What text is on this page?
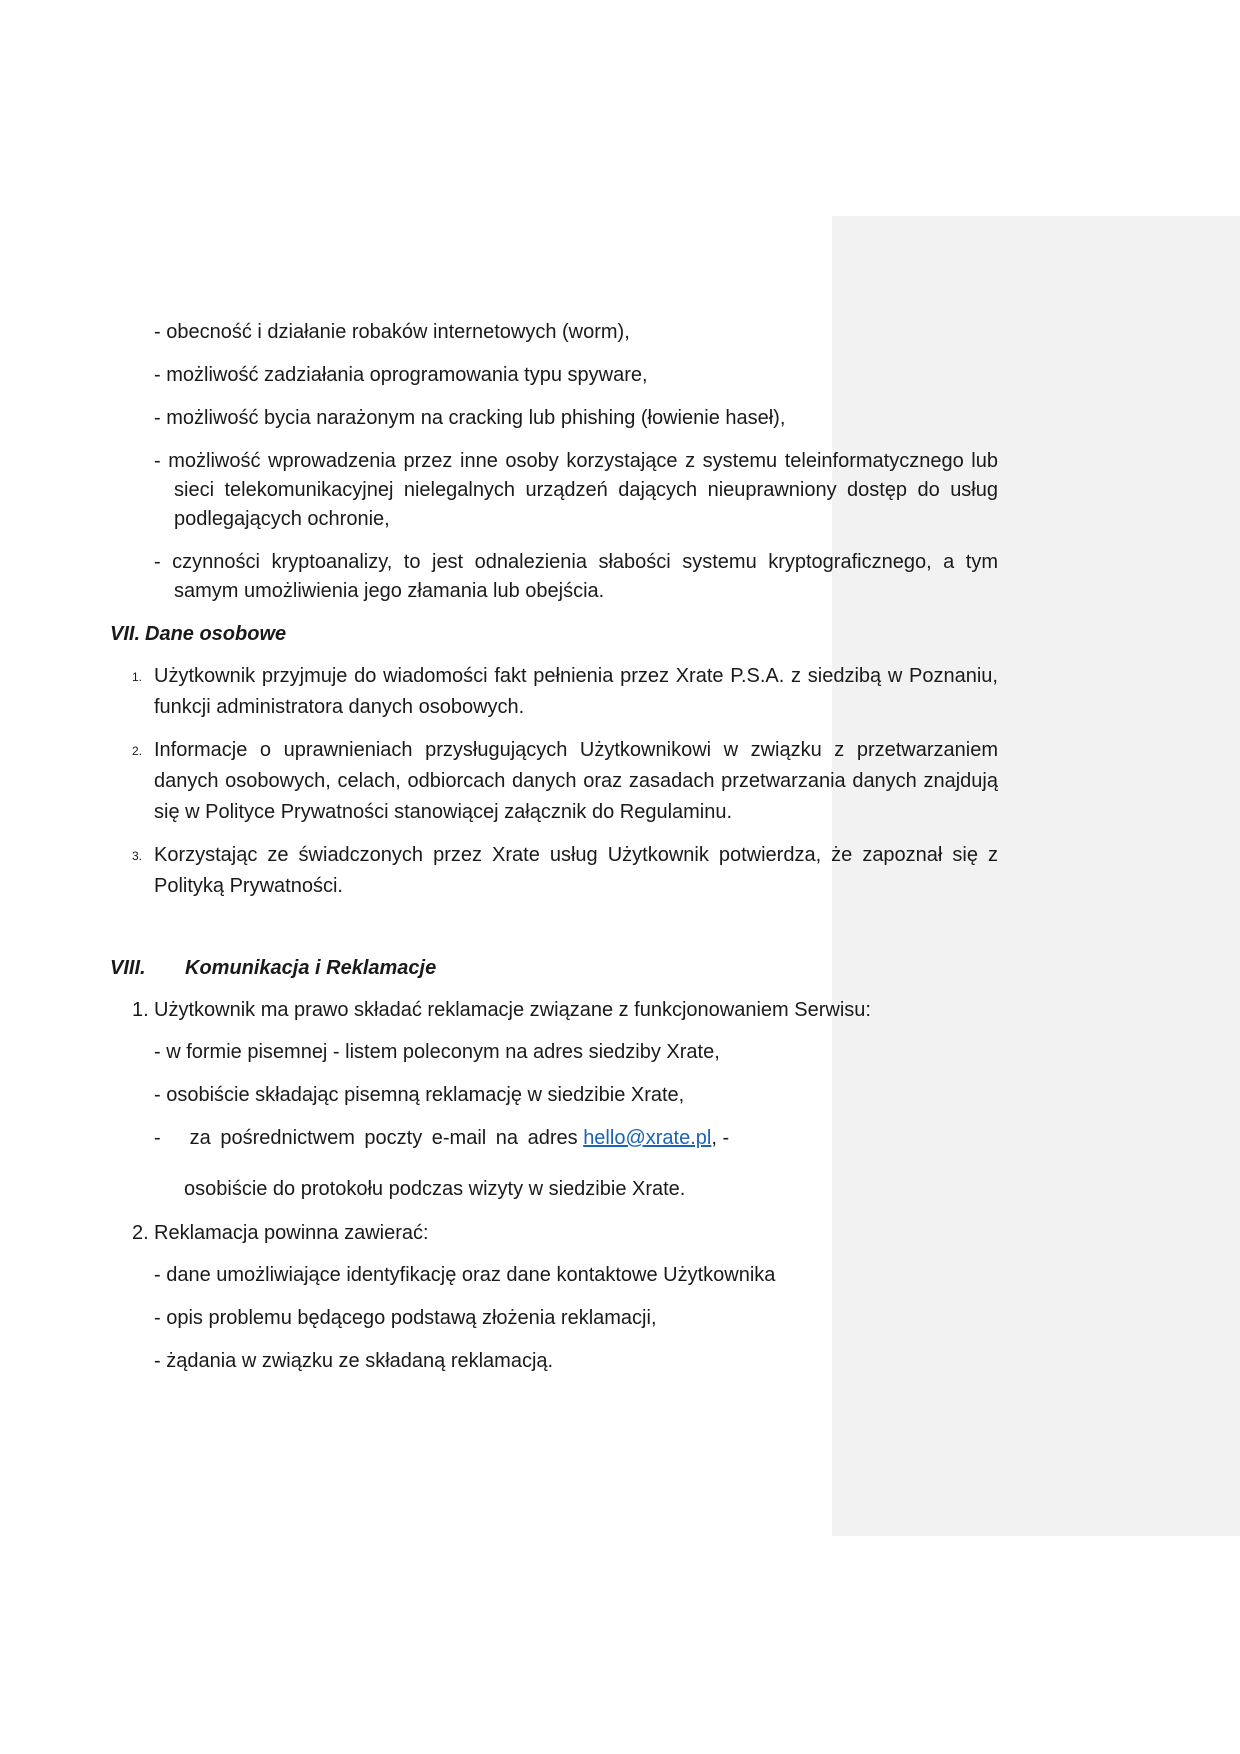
- obecność i działanie robaków internetowych (worm),

- możliwość zadziałania oprogramowania typu spyware,

- możliwość bycia narażonym na cracking lub phishing (łowienie haseł),

- możliwość wprowadzenia przez inne osoby korzystające z systemu teleinformatycznego lub sieci telekomunikacyjnej nielegalnych urządzeń dających nieuprawniony dostęp do usług podlegających ochronie,

- czynności kryptoanalizy, to jest odnalezienia słabości systemu kryptograficznego, a tym samym umożliwienia jego złamania lub obejścia.

VII. Dane osobowe
1. Użytkownik przyjmuje do wiadomości fakt pełnienia przez Xrate P.S.A. z siedzibą w Poznaniu, funkcji administratora danych osobowych.
2. Informacje o uprawnieniach przysługujących Użytkownikowi w związku z przetwarzaniem danych osobowych, celach, odbiorcach danych oraz zasadach przetwarzania danych znajdują się w Polityce Prywatności stanowiącej załącznik do Regulaminu.
3. Korzystając ze świadczonych przez Xrate usług Użytkownik potwierdza, że zapoznał się z Polityką Prywatności.
VIII. Komunikacja i Reklamacje
1. Użytkownik ma prawo składać reklamacje związane z funkcjonowaniem Serwisu:

- w formie pisemnej - listem poleconym na adres siedziby Xrate,

- osobiście składając pisemną reklamację w siedzibie Xrate,

- za pośrednictwem poczty e-mail na adres hello@xrate.pl, -

osobiście do protokołu podczas wizyty w siedzibie Xrate.

2. Reklamacja powinna zawierać:

- dane umożliwiające identyfikację oraz dane kontaktowe Użytkownika

- opis problemu będącego podstawą złożenia reklamacji,

- żądania w związku ze składaną reklamacją.
